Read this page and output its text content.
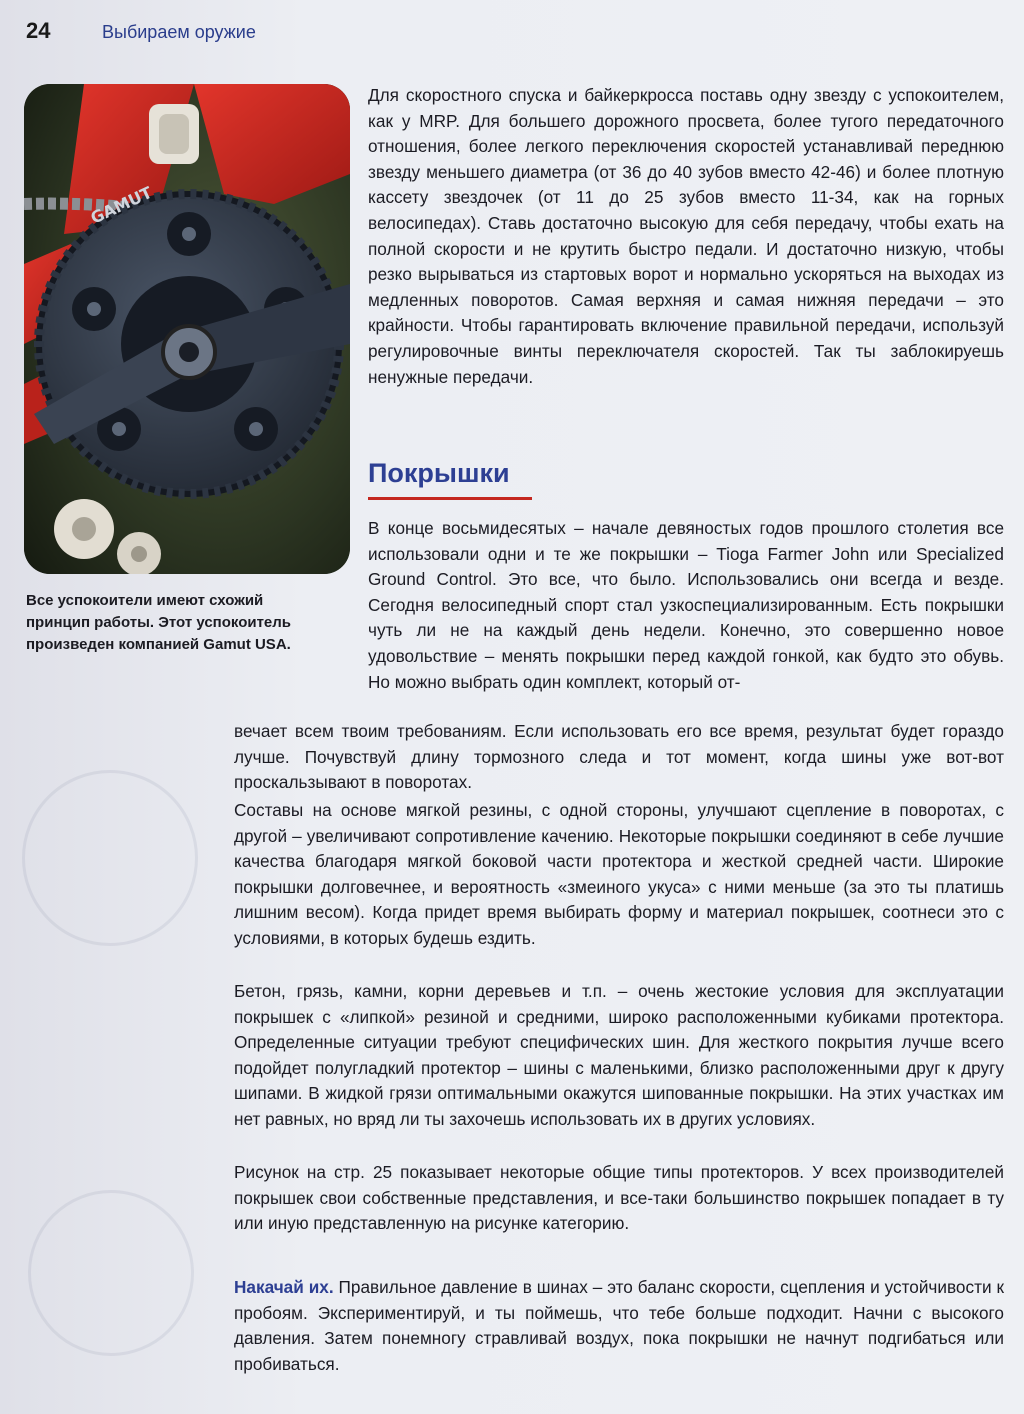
24	Выбираем оружие
GAMUT
Все успокоители имеют схожий принцип работы. Этот успокоитель произведен компанией Gamut USA.

Для скоростного спуска и байкеркросса поставь одну звезду с успокоителем, как у MRP. Для большего дорожного просвета, более тугого передаточного отношения, более легкого переключения скоростей устанавливай переднюю звезду меньшего диаметра (от 36 до 40 зубов вместо 42-46) и более плотную кассету звездочек (от 11 до 25 зубов вместо 11-34, как на горных велосипедах). Ставь достаточно высокую для себя передачу, чтобы ехать на полной скорости и не крутить быстро педали. И достаточно низкую, чтобы резко вырываться из стартовых ворот и нормально ускоряться на выходах из медленных поворотов. Самая верхняя и самая нижняя передачи – это крайности. Чтобы гарантировать включение правильной передачи, используй регулировочные винты переключателя скоростей. Так ты заблокируешь ненужные передачи.

Покрышки

В конце восьмидесятых – начале девяностых годов прошлого столетия все использовали одни и те же покрышки – Tioga Farmer John или Specialized Ground Control. Это все, что было. Использовались они всегда и везде. Сегодня велосипедный спорт стал узкоспециализированным. Есть покрышки чуть ли не на каждый день недели. Конечно, это совершенно новое удовольствие – менять покрышки перед каждой гонкой, как будто это обувь. Но можно выбрать один комплект, который от-

вечает всем твоим требованиям. Если использовать его все время, результат будет гораздо лучше. Почувствуй длину тормозного следа и тот момент, когда шины уже вот-вот проскальзывают в поворотах.

Составы на основе мягкой резины, с одной стороны, улучшают сцепление в поворотах, с другой – увеличивают сопротивление качению. Некоторые покрышки соединяют в себе лучшие качества благодаря мягкой боковой части протектора и жесткой средней части. Широкие покрышки долговечнее, и вероятность «змеиного укуса» с ними меньше (за это ты платишь лишним весом). Когда придет время выбирать форму и материал покрышек, соотнеси это с условиями, в которых будешь ездить.

Бетон, грязь, камни, корни деревьев и т.п. – очень жестокие условия для эксплуатации покрышек с «липкой» резиной и средними, широко расположенными кубиками протектора. Определенные ситуации требуют специфических шин. Для жесткого покрытия лучше всего подойдет полугладкий протектор – шины с маленькими, близко расположенными друг к другу шипами. В жидкой грязи оптимальными окажутся шипованные покрышки. На этих участках им нет равных, но вряд ли ты захочешь использовать их в других условиях.

Рисунок на стр. 25 показывает некоторые общие типы протекторов. У всех производителей покрышек свои собственные представления, и все-таки большинство покрышек попадает в ту или иную представленную на рисунке категорию.

Накачай их. Правильное давление в шинах – это баланс скорости, сцепления и устойчивости к пробоям. Экспериментируй, и ты поймешь, что тебе больше подходит. Начни с высокого давления. Затем понемногу стравливай воздух, пока покрышки не начнут подгибаться или пробиваться.
